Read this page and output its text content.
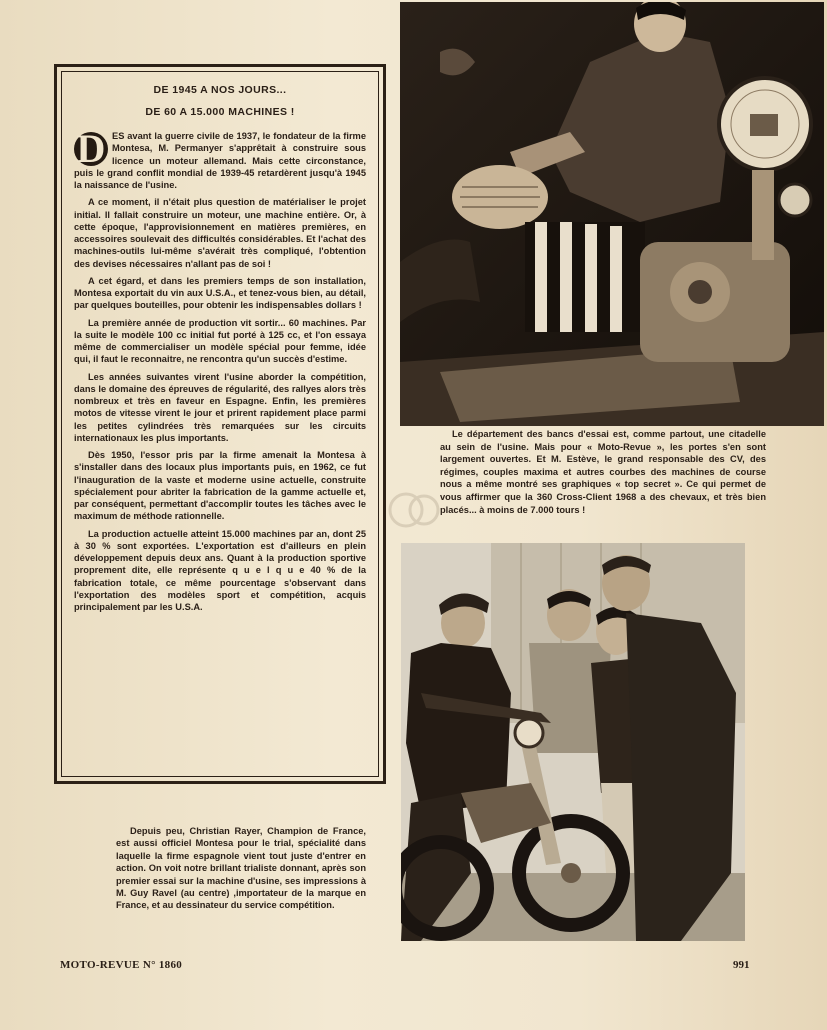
DE 1945 A NOS JOURS...

DE 60 A 15.000 MACHINES !

D ES avant la guerre civile de 1937, le fondateur de la firme Montesa, M. Permanyer s'apprêtait à construire sous licence un moteur allemand. Mais cette circonstance, puis le grand conflit mondial de 1939-45 retardèrent jusqu'à 1945 la naissance de l'usine.

A ce moment, il n'était plus question de matérialiser le projet initial. Il fallait construire un moteur, une machine entière. Or, à cette époque, l'approvisionnement en matières premières, en accessoires soulevait des difficultés considérables. Et l'achat des machines-outils lui-même s'avérait très compliqué, l'obtention des devises nécessaires n'allant pas de soi !

A cet égard, et dans les premiers temps de son installation, Montesa exportait du vin aux U.S.A., et tenez-vous bien, au détail, par quelques bouteilles, pour obtenir les indispensables dollars !

La première année de production vit sortir... 60 machines. Par la suite le modèle 100 cc initial fut porté à 125 cc, et l'on essaya même de commercialiser un modèle spécial pour femme, idée qui, il faut le reconnaitre, ne rencontra qu'un succès d'estime.

Les années suivantes virent l'usine aborder la compétition, dans le domaine des épreuves de régularité, des rallyes alors très nombreux et très en faveur en Espagne. Enfin, les premières motos de vitesse virent le jour et prirent rapidement place parmi les petites cylindrées très remarquées sur les circuits internationaux les plus importants.

Dès 1950, l'essor pris par la firme amenait la Montesa à s'installer dans des locaux plus importants puis, en 1962, ce fut l'inauguration de la vaste et moderne usine actuelle, construite spécialement pour abriter la fabrication de la gamme actuelle et, par conséquent, permettant d'accomplir toutes les tâches avec le maximum de méthode rationnelle.

La production actuelle atteint 15.000 machines par an, dont 25 à 30 % sont exportées. L'exportation est d'ailleurs en plein développement depuis deux ans. Quant à la production sportive proprement dite, elle représente q u e l q u e 40 % de la fabrication totale, ce même pourcentage s'observant dans l'exportation des modèles sport et compétition, acquis principalement par les U.S.A.

Le département des bancs d'essai est, comme partout, une citadelle au sein de l'usine. Mais pour « Moto-Revue », les portes s'en sont largement ouvertes. Et M. Estève, le grand responsable des CV, des régimes, couples maxima et autres courbes des machines de course nous a même montré ses graphiques « top secret ». Ce qui permet de vous affirmer que la 360 Cross-Client 1968 a des chevaux, et très bien placés... à moins de 7.000 tours !

Depuis peu, Christian Rayer, Champion de France, est aussi officiel Montesa pour le trial, spécialité dans laquelle la firme espagnole vient tout juste d'entrer en action. On voit notre brillant trialiste donnant, après son premier essai sur la machine d'usine, ses impressions à M. Guy Ravel (au centre) ,importateur de la marque en France, et au dessinateur du service compétition.

MOTO-REVUE N° 1860	991
